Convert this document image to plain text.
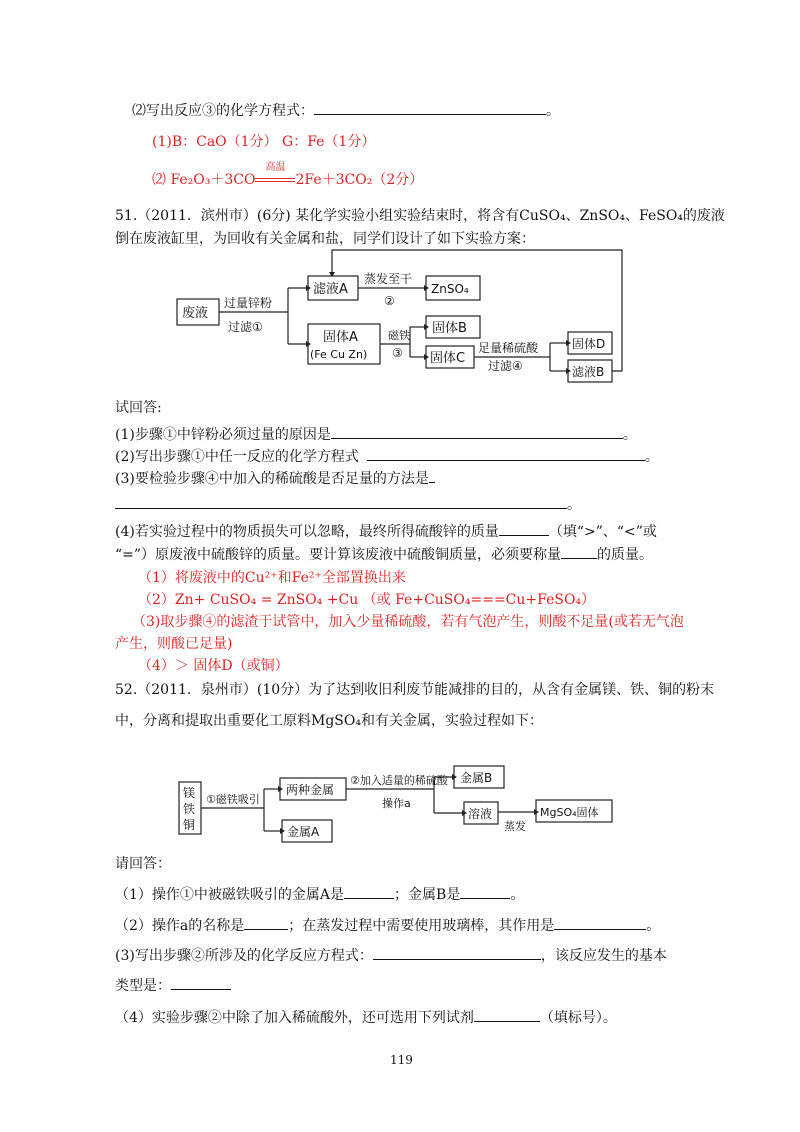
⑵写出反应③的化学方程式：	。
(1)B：CaO（1分） G：Fe（1分）
⑵ Fe₂O₃＋3CO
高温
2Fe＋3CO₂（2分）
51.（2011．滨州市）(6分) 某化学实验小组实验结束时，将含有CuSO₄、ZnSO₄、FeSO₄的废液
倒在废液缸里，为回收有关金属和盐，同学们设计了如下实验方案：
废液
过量锌粉
过滤①
滤液A
蒸发至干
②
ZnSO₄
固体A
(Fe Cu Zn)
磁铁
③
固体B
固体C
足量稀硫酸
过滤④
固体D
滤液B
试回答:
(1)步骤①中锌粉必须过量的原因是	。
(2)写出步骤①中任一反应的化学方程式	。
(3)要检验步骤④中加入的稀硫酸是否足量的方法是
。
(4)若实验过程中的物质损失可以忽略，最终所得硫酸锌的质量	（填“>”、“<”或
“=”）原废液中硫酸锌的质量。要计算该废液中硫酸铜质量，必须要称量	的质量。
（1）将废液中的Cu²⁺和Fe²⁺全部置换出来
（2）Zn+ CuSO₄ = ZnSO₄ +Cu （或 Fe+CuSO₄===Cu+FeSO₄）
（3)取步骤④的滤渣于试管中，加入少量稀硫酸，若有气泡产生，则酸不足量(或若无气泡
产生，则酸已足量)
（4）＞ 固体D（或铜）
52.（2011．泉州市）(10分）为了达到收旧利废节能减排的目的，从含有金属镁、铁、铜的粉末
中，分离和提取出重要化工原料MgSO₄和有关金属，实验过程如下：
镁
铁
铜
①磁铁吸引
两种金属
②加入适量的稀硫酸
操作a
金属B
金属A
溶液
蒸发
MgSO₄固体
请回答：
（1）操作①中被磁铁吸引的金属A是	；金属B是	。
（2）操作a的名称是	；在蒸发过程中需要使用玻璃棒，其作用是	。
(3)写出步骤②所涉及的化学反应方程式：	，该反应发生的基本
类型是：
（4）实验步骤②中除了加入稀硫酸外，还可选用下列试剂	（填标号）。
119
